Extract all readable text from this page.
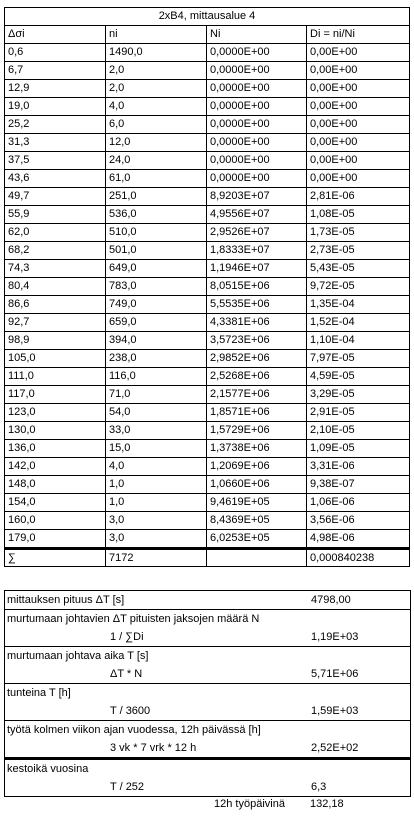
2xB4, mittausalue 4			
Δσi	ni	Ni	Di = ni/Ni
0,6	1490,0	0,0000E+00	0,00E+00
6,7	2,0	0,0000E+00	0,00E+00
12,9	2,0	0,0000E+00	0,00E+00
19,0	4,0	0,0000E+00	0,00E+00
25,2	6,0	0,0000E+00	0,00E+00
31,3	12,0	0,0000E+00	0,00E+00
37,5	24,0	0,0000E+00	0,00E+00
43,6	61,0	0,0000E+00	0,00E+00
49,7	251,0	8,9203E+07	2,81E-06
55,9	536,0	4,9556E+07	1,08E-05
62,0	510,0	2,9526E+07	1,73E-05
68,2	501,0	1,8333E+07	2,73E-05
74,3	649,0	1,1946E+07	5,43E-05
80,4	783,0	8,0515E+06	9,72E-05
86,6	749,0	5,5535E+06	1,35E-04
92,7	659,0	4,3381E+06	1,52E-04
98,9	394,0	3,5723E+06	1,10E-04
105,0	238,0	2,9852E+06	7,97E-05
111,0	116,0	2,5268E+06	4,59E-05
117,0	71,0	2,1577E+06	3,29E-05
123,0	54,0	1,8571E+06	2,91E-05
130,0	33,0	1,5729E+06	2,10E-05
136,0	15,0	1,3738E+06	1,09E-05
142,0	4,0	1,2069E+06	3,31E-06
148,0	1,0	1,0660E+06	9,38E-07
154,0	1,0	9,4619E+05	1,06E-06
160,0	3,0	8,4369E+05	3,56E-06
179,0	3,0	6,0253E+05	4,98E-06
∑	7172		0,000840238
mittauksen pituus ΔT [s]	4798,00
murtumaan johtavien ΔT pituisten jaksojen määrä N
1 / ∑Di	1,19E+03
murtumaan johtava aika T [s]
ΔT * N	5,71E+06
tunteina T [h]
T / 3600	1,59E+03
työtä kolmen viikon ajan vuodessa, 12h päivässä [h]
3 vk * 7 vrk * 12 h	2,52E+02
kestoikä vuosina
T / 252	6,3
12h työpäivinä 132,18
